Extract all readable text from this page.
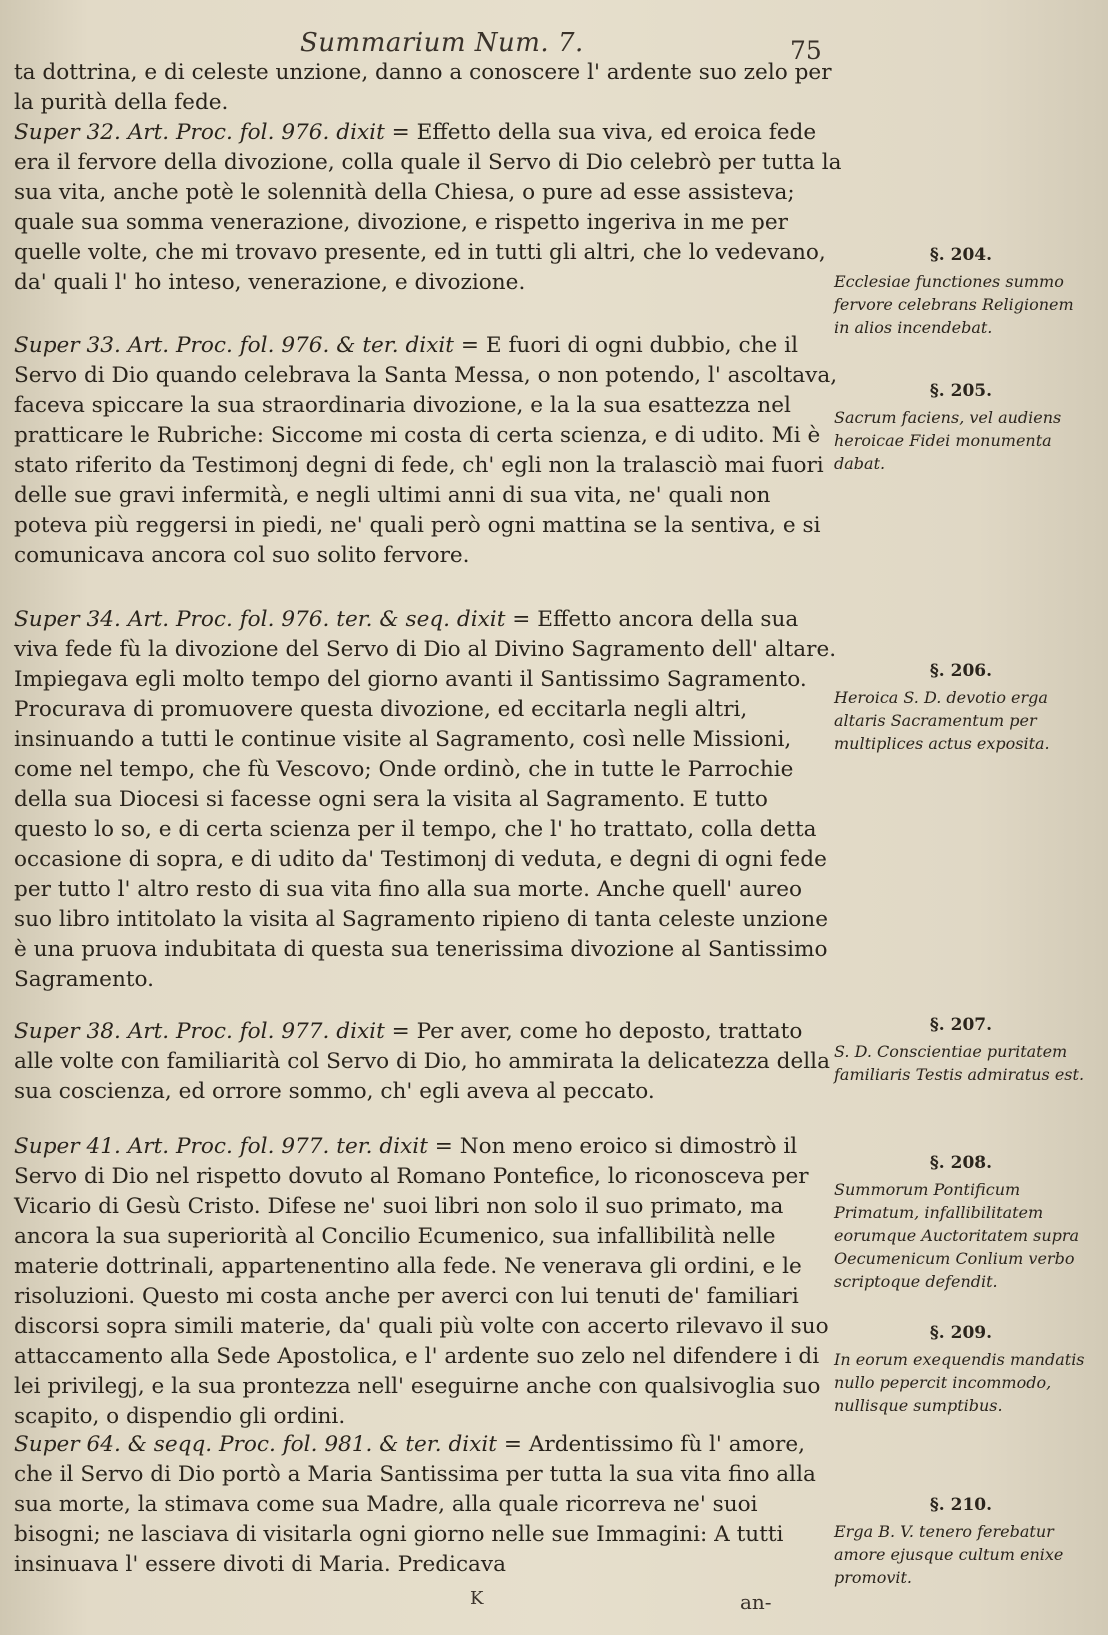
Summarium Num. 7.	75

ta dottrina, e di celeste unzione, danno a conoscere l' ardente suo zelo per la purità della fede.

Super 32. Art. Proc. fol. 976. dixit = Effetto della sua viva, ed eroica fede era il fervore della divozione, colla quale il Servo di Dio celebrò per tutta la sua vita, anche potè le solennità della Chiesa, o pure ad esse assisteva; quale sua somma venerazione, divozione, e rispetto ingeriva in me per quelle volte, che mi trovavo presente, ed in tutti gli altri, che lo vedevano, da' quali l' ho inteso, venerazione, e divozione.

Super 33. Art. Proc. fol. 976. & ter. dixit = E fuori di ogni dubbio, che il Servo di Dio quando celebrava la Santa Messa, o non potendo, l' ascoltava, faceva spiccare la sua straordinaria divozione, e la la sua esattezza nel pratticare le Rubriche: Siccome mi costa di certa scienza, e di udito. Mi è stato riferito da Testimonj degni di fede, ch' egli non la tralasciò mai fuori delle sue gravi infermità, e negli ultimi anni di sua vita, ne' quali non poteva più reggersi in piedi, ne' quali però ogni mattina se la sentiva, e si comunicava ancora col suo solito fervore.

Super 34. Art. Proc. fol. 976. ter. & seq. dixit = Effetto ancora della sua viva fede fù la divozione del Servo di Dio al Divino Sagramento dell' altare. Impiegava egli molto tempo del giorno avanti il Santissimo Sagramento. Procurava di promuovere questa divozione, ed eccitarla negli altri, insinuando a tutti le continue visite al Sagramento, così nelle Missioni, come nel tempo, che fù Vescovo; Onde ordinò, che in tutte le Parrochie della sua Diocesi si facesse ogni sera la visita al Sagramento. E tutto questo lo so, e di certa scienza per il tempo, che l' ho trattato, colla detta occasione di sopra, e di udito da' Testimonj di veduta, e degni di ogni fede per tutto l' altro resto di sua vita fino alla sua morte. Anche quell' aureo suo libro intitolato la visita al Sagramento ripieno di tanta celeste unzione è una pruova indubitata di questa sua tenerissima divozione al Santissimo Sagramento.

Super 38. Art. Proc. fol. 977. dixit = Per aver, come ho deposto, trattato alle volte con familiarità col Servo di Dio, ho ammirata la delicatezza della sua coscienza, ed orrore sommo, ch' egli aveva al peccato.

Super 41. Art. Proc. fol. 977. ter. dixit = Non meno eroico si dimostrò il Servo di Dio nel rispetto dovuto al Romano Pontefice, lo riconosceva per Vicario di Gesù Cristo. Difese ne' suoi libri non solo il suo primato, ma ancora la sua superiorità al Concilio Ecumenico, sua infallibilità nelle materie dottrinali, appartenentino alla fede. Ne venerava gli ordini, e le risoluzioni. Questo mi costa anche per averci con lui tenuti de' familiari discorsi sopra simili materie, da' quali più volte con accerto rilevavo il suo attaccamento alla Sede Apostolica, e l' ardente suo zelo nel difendere i di lei privilegj, e la sua prontezza nell' eseguirne anche con qualsivoglia suo scapito, o dispendio gli ordini.

Super 64. & seqq. Proc. fol. 981. & ter. dixit = Ardentissimo fù l' amore, che il Servo di Dio portò a Maria Santissima per tutta la sua vita fino alla sua morte, la stimava come sua Madre, alla quale ricorreva ne' suoi bisogni; ne lasciava di visitarla ogni giorno nelle sue Immagini: A tutti insinuava l' essere divoti di Maria. Predicava

§. 204.
Ecclesiae functiones summo fervore celebrans Religionem in alios incendebat.
§. 205.
Sacrum faciens, vel audiens heroicae Fidei monumenta dabat.
§. 206.
Heroica S. D. devotio erga altaris Sacramentum per multiplices actus exposita.
§. 207.
S. D. Conscientiae puritatem familiaris Testis admiratus est.
§. 208.
Summorum Pontificum Primatum, infallibilitatem eorumque Auctoritatem supra Oecumenicum Conlium verbo scriptoque defendit.
§. 209.
In eorum exequendis mandatis nullo pepercit incommodo, nullisque sumptibus.
§. 210.
Erga B. V. tenero ferebatur amore ejusque cultum enixe promovit.
K	an-
